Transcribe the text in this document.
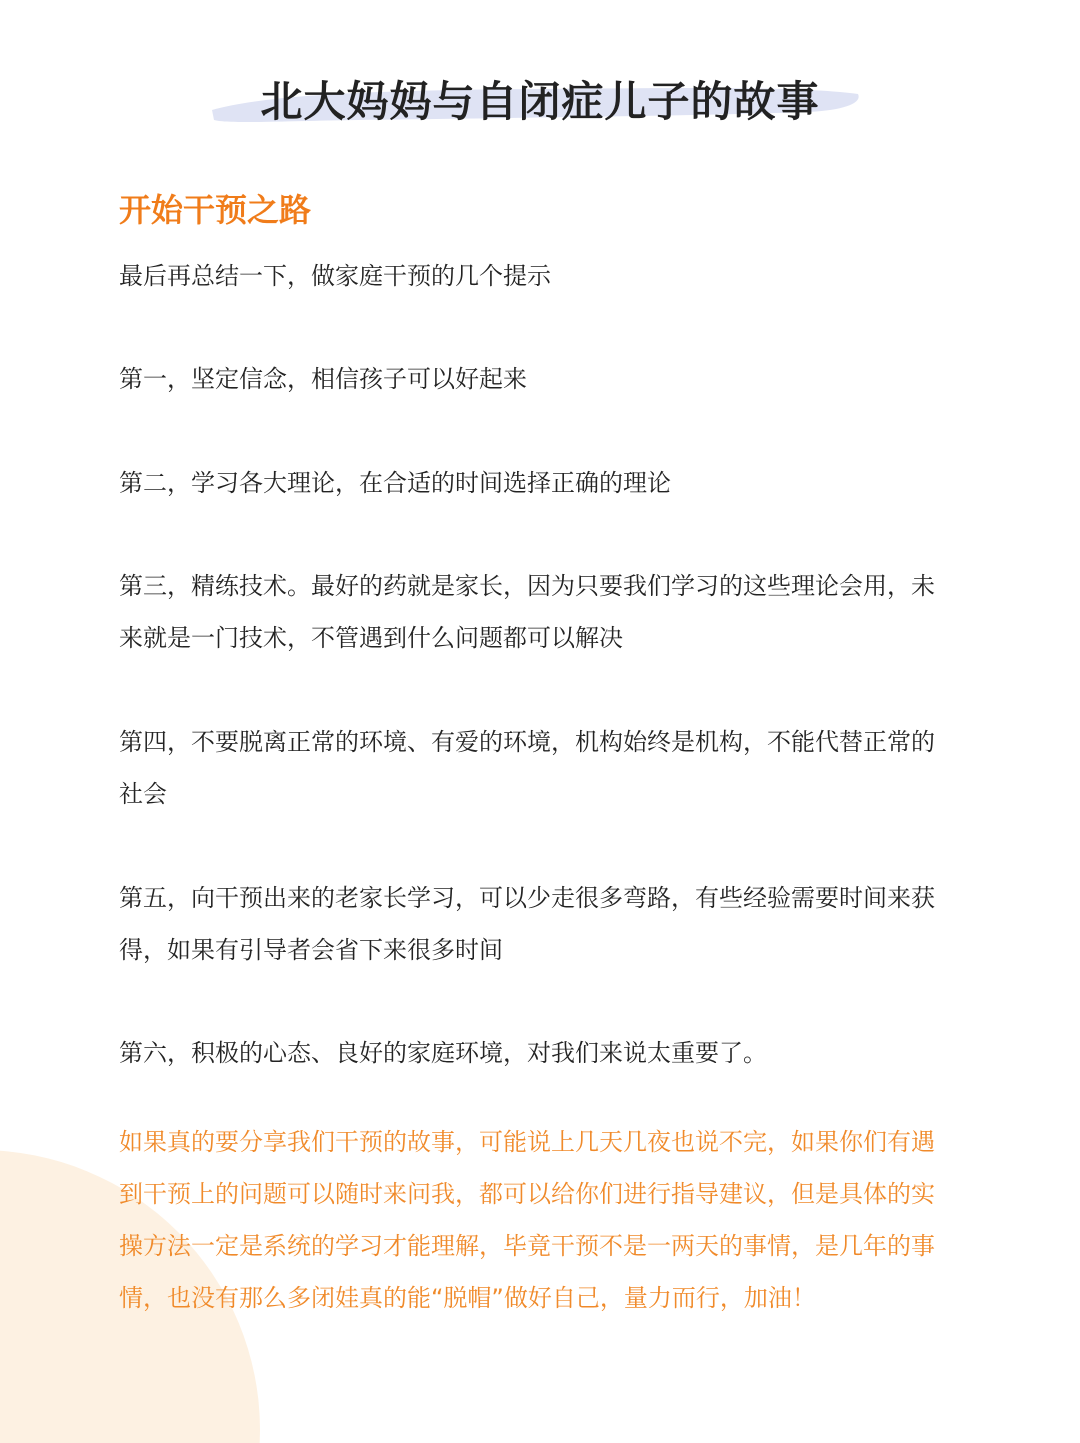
北大妈妈与自闭症儿子的故事
开始干预之路

最后再总结一下，做家庭干预的几个提示

第一，坚定信念，相信孩子可以好起来

第二，学习各大理论，在合适的时间选择正确的理论

第三，精练技术。最好的药就是家长，因为只要我们学习的这些理论会用，未来就是一门技术，不管遇到什么问题都可以解决

第四，不要脱离正常的环境、有爱的环境，机构始终是机构，不能代替正常的社会

第五，向干预出来的老家长学习，可以少走很多弯路，有些经验需要时间来获得，如果有引导者会省下来很多时间

第六，积极的心态、良好的家庭环境，对我们来说太重要了。

如果真的要分享我们干预的故事，可能说上几天几夜也说不完，如果你们有遇到干预上的问题可以随时来问我，都可以给你们进行指导建议，但是具体的实操方法一定是系统的学习才能理解，毕竟干预不是一两天的事情，是几年的事情，也没有那么多闭娃真的能“脱帽”做好自己，量力而行，加油！
